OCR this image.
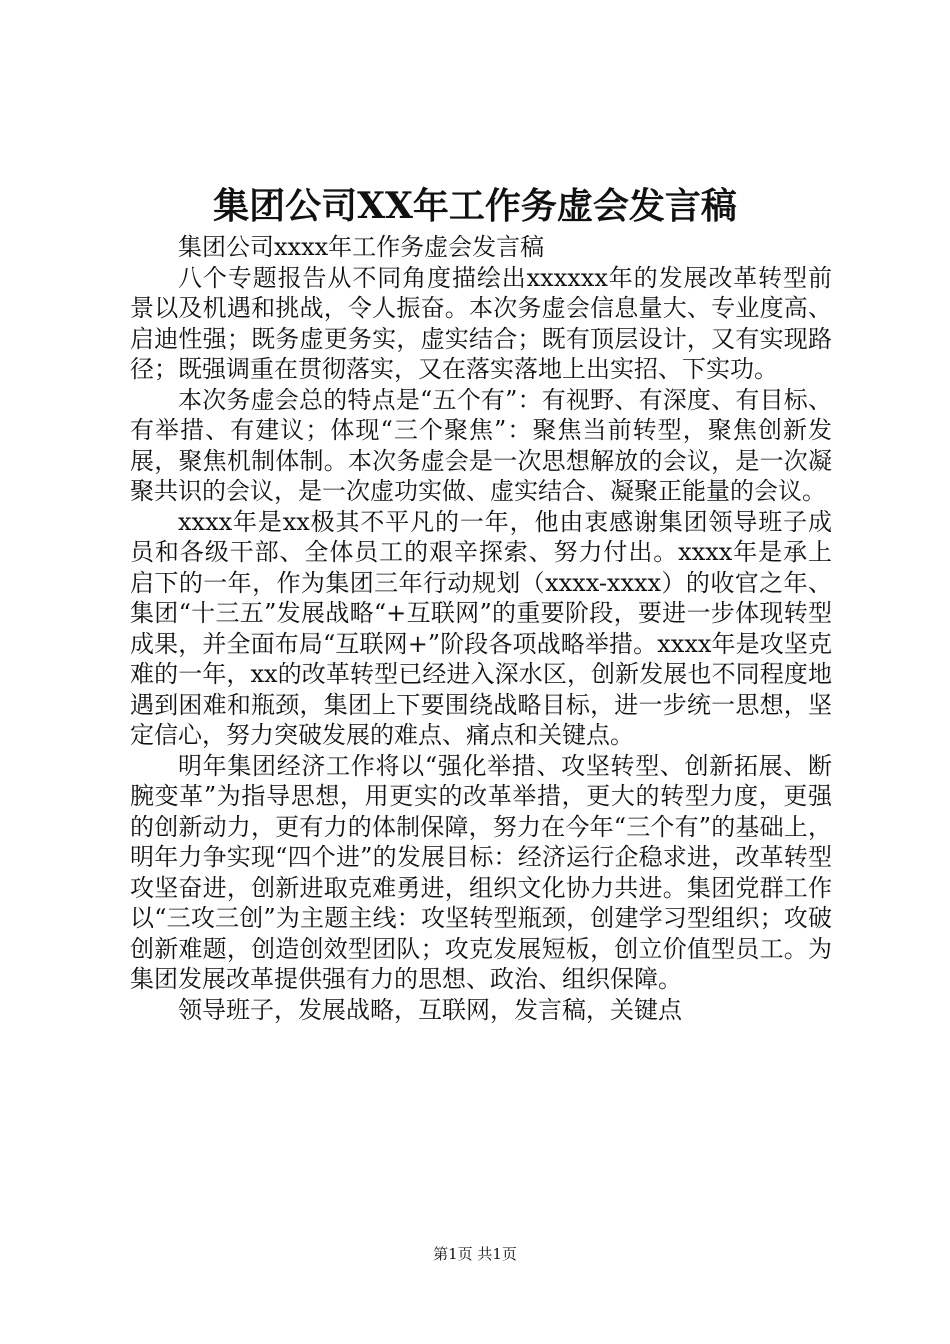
集团公司XX年工作务虚会发言稿

集团公司xxxx年工作务虚会发言稿

八个专题报告从不同角度描绘出xxxxxx年的发展改革转型前景以及机遇和挑战，令人振奋。本次务虚会信息量大、专业度高、启迪性强；既务虚更务实，虚实结合；既有顶层设计，又有实现路径；既强调重在贯彻落实，又在落实落地上出实招、下实功。

本次务虚会总的特点是“五个有”：有视野、有深度、有目标、有举措、有建议；体现“三个聚焦”：聚焦当前转型，聚焦创新发展，聚焦机制体制。本次务虚会是一次思想解放的会议，是一次凝聚共识的会议，是一次虚功实做、虚实结合、凝聚正能量的会议。

xxxx年是xx极其不平凡的一年，他由衷感谢集团领导班子成员和各级干部、全体员工的艰辛探索、努力付出。xxxx年是承上启下的一年，作为集团三年行动规划（xxxx-xxxx）的收官之年、集团“十三五”发展战略“+互联网”的重要阶段，要进一步体现转型成果，并全面布局“互联网+”阶段各项战略举措。xxxx年是攻坚克难的一年，xx的改革转型已经进入深水区，创新发展也不同程度地遇到困难和瓶颈，集团上下要围绕战略目标，进一步统一思想，坚定信心，努力突破发展的难点、痛点和关键点。

明年集团经济工作将以“强化举措、攻坚转型、创新拓展、断腕变革”为指导思想，用更实的改革举措，更大的转型力度，更强的创新动力，更有力的体制保障，努力在今年“三个有”的基础上，明年力争实现“四个进”的发展目标：经济运行企稳求进，改革转型攻坚奋进，创新进取克难勇进，组织文化协力共进。集团党群工作以“三攻三创”为主题主线：攻坚转型瓶颈，创建学习型组织；攻破创新难题，创造创效型团队；攻克发展短板，创立价值型员工。为集团发展改革提供强有力的思想、政治、组织保障。

领导班子，发展战略，互联网，发言稿，关键点

第1页 共1页
